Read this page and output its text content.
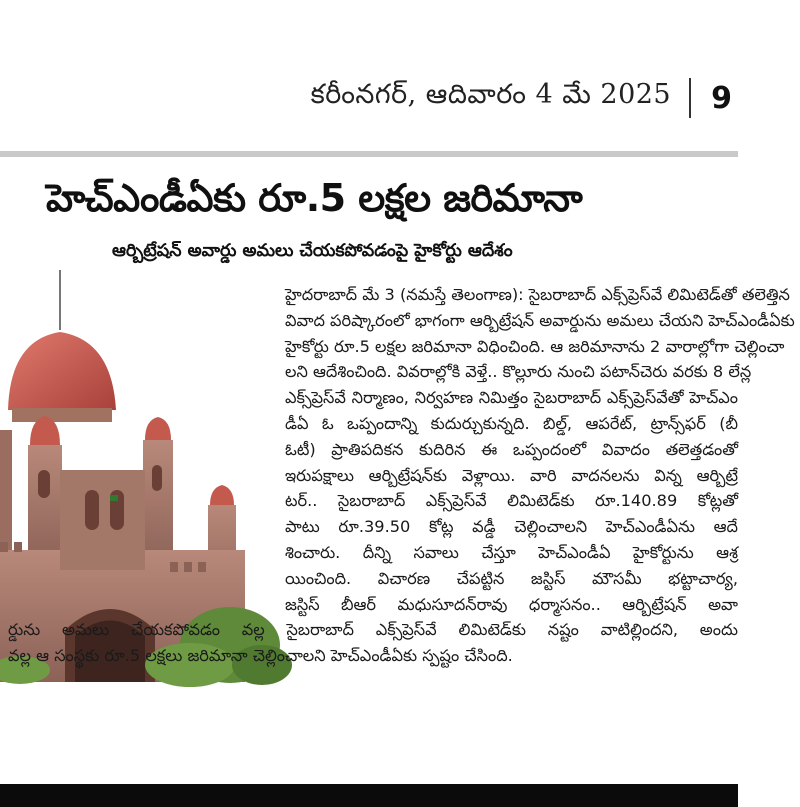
కరీంనగర్, ఆదివారం 4 మే 2025 9
హెచ్‌ఎండీఏకు రూ.5 లక్షల జరిమానా
ఆర్బిట్రేషన్ అవార్డు అమలు చేయకపోవడంపై హైకోర్టు ఆదేశం
హైదరాబాద్ మే 3 (నమస్తే తెలంగాణ): సైబరాబాద్ ఎక్స్‌ప్రెస్‌వే లిమిటెడ్‌తో తలెత్తిన
వివాద పరిష్కారంలో భాగంగా ఆర్బిట్రేషన్ అవార్డును అమలు చేయని హెచ్‌ఎండీఏకు
హైకోర్టు రూ.5 లక్షల జరిమానా విధించింది. ఆ జరిమానాను 2 వారాల్లోగా చెల్లించా
లని ఆదేశించింది. వివరాల్లోకి వెళ్తే.. కొల్లూరు నుంచి పటాన్‌చెరు వరకు 8 లేన్ల
ఎక్స్‌ప్రెస్‌వే నిర్మాణం, నిర్వహణ నిమిత్తం సైబరాబాద్ ఎక్స్‌ప్రెస్‌వేతో హెచ్‌ఎం
డీఏ ఓ ఒప్పందాన్ని కుదుర్చుకున్నది. బిల్డ్, ఆపరేట్, ట్రాన్స్‌ఫర్ (బీ
ఓటీ) ప్రాతిపదికన కుదిరిన ఈ ఒప్పందంలో వివాదం తలెత్తడంతో
ఇరుపక్షాలు ఆర్బిట్రేషన్‌కు వెళ్లాయి. వారి వాదనలను విన్న ఆర్బిట్రే
టర్.. సైబరాబాద్ ఎక్స్‌ప్రెస్‌వే లిమిటెడ్‌కు రూ.140.89 కోట్లతో
పాటు రూ.39.50 కోట్ల వడ్డీ చెల్లించాలని హెచ్‌ఎండీఏను ఆదే
శించారు. దీన్ని సవాలు చేస్తూ హెచ్‌ఎండీఏ హైకోర్టును ఆశ్ర
యించింది. విచారణ చేపట్టిన జస్టిస్ మౌసమీ భట్టాచార్య,
జస్టిస్ బీఆర్ మధుసూదన్‌రావు ధర్మాసనం.. ఆర్బిట్రేషన్ అవా
ర్డును అమలు చేయకపోవడం వల్ల సైబరాబాద్ ఎక్స్‌ప్రెస్‌వే లిమిటెడ్‌కు నష్టం వాటిల్లిందని, అందు
వల్ల ఆ సంస్థకు రూ.5 లక్షలు జరిమానా చెల్లించాలని హెచ్‌ఎండీఏకు స్పష్టం చేసింది.
